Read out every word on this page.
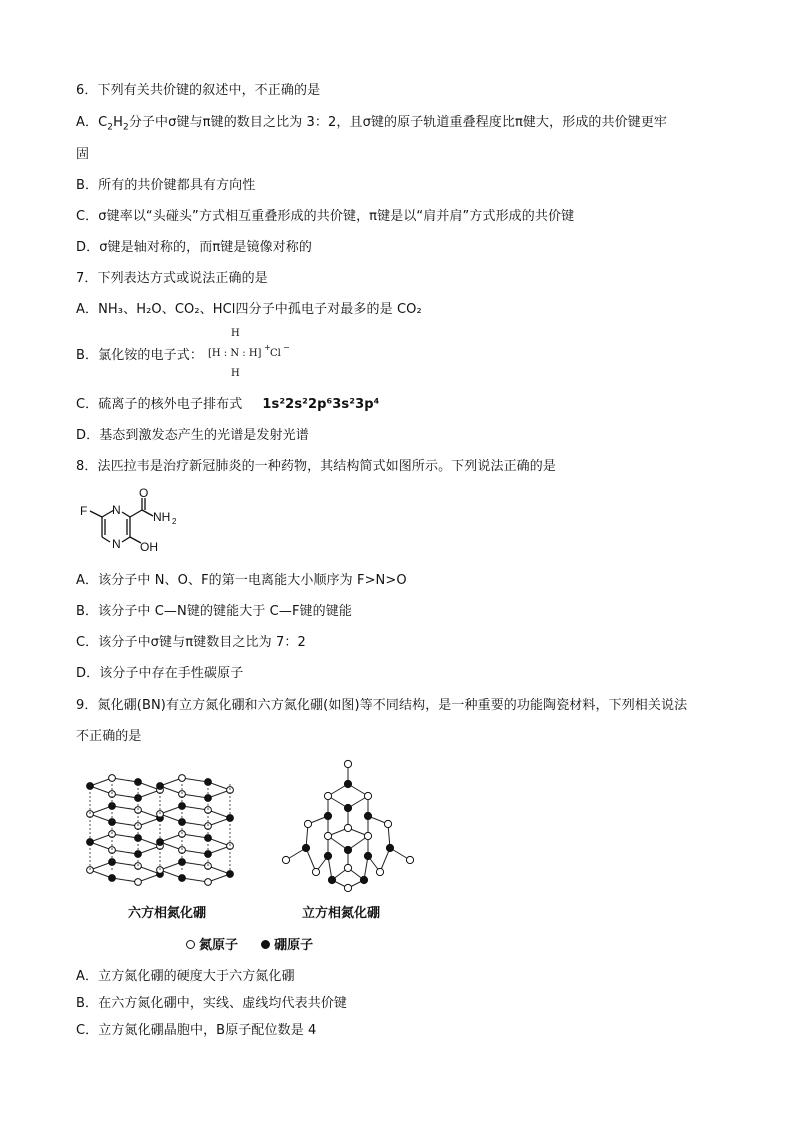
6．下列有关共价键的叙述中，不正确的是
A．$C_2H_2$分子中σ键与π键的数目之比为 3：2，且σ键的原子轨道重叠程度比π健大，形成的共价键更牢
固
B．所有的共价键都具有方向性
C．σ键率以“头碰头”方式相互重叠形成的共价键，π键是以“肩并肩”方式形成的共价键
D．σ键是轴对称的，而π键是镜像对称的
7．下列表达方式或说法正确的是
A．NH₃、H₂O、CO₂、HCl四分子中孤电子对最多的是 CO₂
B．氯化铵的电子式：
H
[H : N : H]
+
Cl
−
H
C．硫离子的核外电子排布式 1s²2s²2p⁶3s²3p⁴
D．基态到激发态产生的光谱是发射光谱
8．法匹拉韦是治疗新冠肺炎的一种药物，其结构简式如图所示。下列说法正确的是
F N
N
O
NH 2
OH
A．该分子中 N、O、F的第一电离能大小顺序为 F>N>O
B．该分子中 C—N键的键能大于 C—F键的键能
C．该分子中σ键与π键数目之比为 7：2
D．该分子中存在手性碳原子
9．氮化硼(BN)有立方氮化硼和六方氮化硼(如图)等不同结构，是一种重要的功能陶瓷材料，下列相关说法
不正确的是
六方相氮化硼	立方相氮化硼
氮原子	硼原子
A．立方氮化硼的硬度大于六方氮化硼
B．在六方氮化硼中，实线、虚线均代表共价键
C．立方氮化硼晶胞中，B原子配位数是 4
